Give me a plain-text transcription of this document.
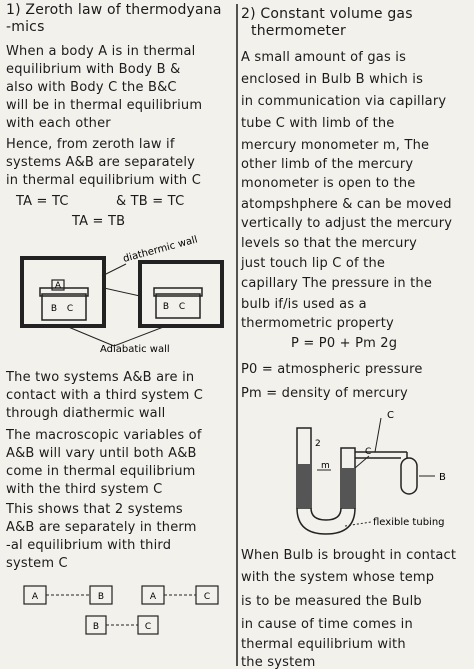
1) Zeroth law of thermodyana
-mics
When a body A is in thermal
equilibrium with Body B &
also with Body C the B&C
will be in thermal equilibrium
with each other
Hence, from zeroth law if
systems A&B are separately
in thermal equilibrium with C
TA = TC	& TB = TC
TA = TB
A
B C	B C
diathermic wall
Adiabatic wall
The two systems A&B are in
contact with a third system C
through diathermic wall
The macroscopic variables of
A&B will vary until both A&B
come in thermal equilibrium
with the third system C
This shows that 2 systems
A&B are separately in therm
-al equilibrium with third
system C
A	B	A	C
B	C
2) Constant volume gas
thermometer
A small amount of gas is
enclosed in Bulb B which is
in communication via capillary
tube C with limb of the
mercury monometer m, The
other limb of the mercury
monometer is open to the
atompshphere & can be moved
vertically to adjust the mercury
levels so that the mercury
just touch lip C of the
capillary The pressure in the
bulb if/is used as a
thermometric property
P = P0 + Pm 2g
P0 = atmospheric pressure
Pm = density of mercury
B
C
C
m
2
flexible tubing
When Bulb is brought in contact
with the system whose temp
is to be measured the Bulb
in cause of time comes in
thermal equilibrium with
the system
